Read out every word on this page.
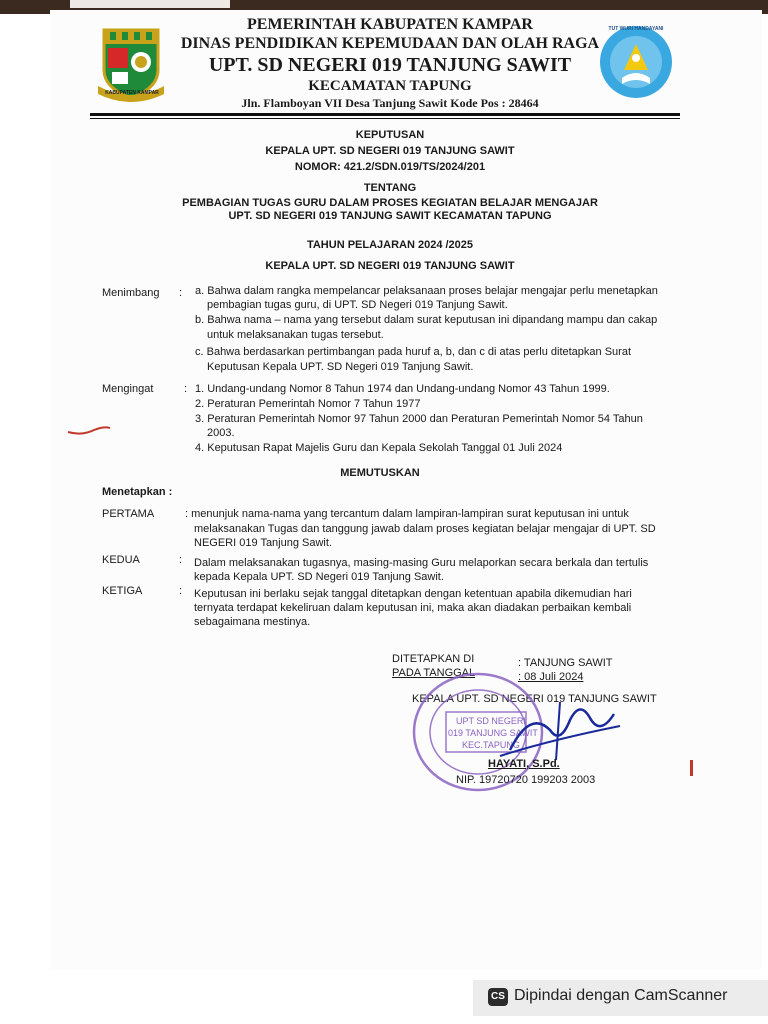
KABUPATEN KAMPAR
TUT WURI HANDAYANI
PEMERINTAH KABUPATEN KAMPAR
DINAS PENDIDIKAN KEPEMUDAAN DAN OLAH RAGA
UPT. SD NEGERI 019 TANJUNG SAWIT
KECAMATAN TAPUNG
Jln. Flamboyan VII Desa Tanjung Sawit Kode Pos : 28464
KEPUTUSAN
KEPALA UPT. SD NEGERI 019 TANJUNG SAWIT
NOMOR: 421.2/SDN.019/TS/2024/201
TENTANG
PEMBAGIAN TUGAS GURU DALAM PROSES KEGIATAN BELAJAR MENGAJAR
UPT. SD NEGERI 019 TANJUNG SAWIT KECAMATAN TAPUNG
TAHUN PELAJARAN 2024 /2025
KEPALA UPT. SD NEGERI 019 TANJUNG SAWIT
Menimbang : a. Bahwa dalam rangka mempelancar pelaksanaan proses belajar mengajar perlu menetapkan
pembagian tugas guru, di UPT. SD Negeri 019 Tanjung Sawit.
b. Bahwa nama – nama yang tersebut dalam surat keputusan ini dipandang mampu dan cakap
untuk melaksanakan tugas tersebut.
c. Bahwa berdasarkan pertimbangan pada huruf a, b, dan c di atas perlu ditetapkan Surat
Keputusan Kepala UPT. SD Negeri 019 Tanjung Sawit.
Mengingat	: 1. Undang-undang Nomor 8 Tahun 1974 dan Undang-undang Nomor 43 Tahun 1999.
2. Peraturan Pemerintah Nomor 7 Tahun 1977
3. Peraturan Pemerintah Nomor 97 Tahun 2000 dan Peraturan Pemerintah Nomor 54 Tahun
2003.
4. Keputusan Rapat Majelis Guru dan Kepala Sekolah Tanggal 01 Juli 2024
MEMUTUSKAN
Menetapkan :
PERTAMA	: menunjuk nama-nama yang tercantum dalam lampiran-lampiran surat keputusan ini untuk
melaksanakan Tugas dan tanggung jawab dalam proses kegiatan belajar mengajar di UPT. SD
NEGERI 019 Tanjung Sawit.
KEDUA	: Dalam melaksanakan tugasnya, masing-masing Guru melaporkan secara berkala dan tertulis
kepada Kepala UPT. SD Negeri 019 Tanjung Sawit.
KETIGA	: Keputusan ini berlaku sejak tanggal ditetapkan dengan ketentuan apabila dikemudian hari
ternyata terdapat kekeliruan dalam keputusan ini, maka akan diadakan perbaikan kembali
sebagaimana mestinya.
DITETAPKAN DI	: TANJUNG SAWIT
PADA TANGGAL	: 08 Juli 2024
KEPALA UPT. SD NEGERI 019 TANJUNG SAWIT
UPT SD NEGERI
019 TANJUNG SAWIT
KEC.TAPUNG
HAYATI, S.Pd.
NIP. 19720720 199203 2003
CS Dipindai dengan CamScanner
